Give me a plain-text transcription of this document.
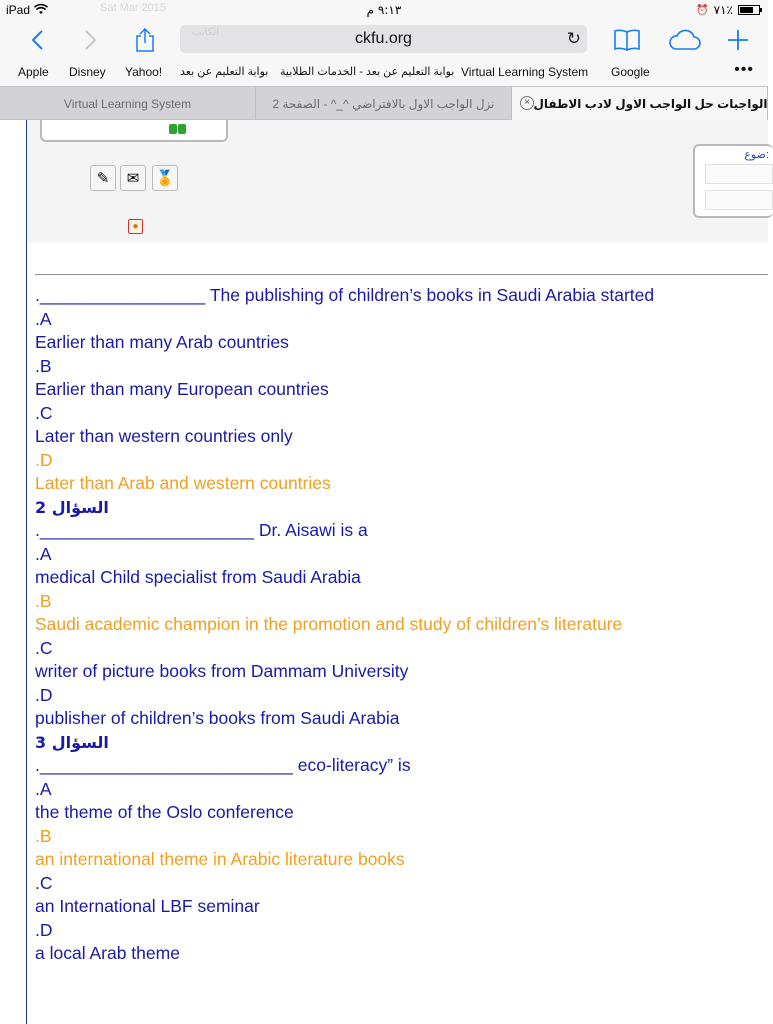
iPad	Sat Mar 2015	٩:١٣ م	⏰ ٧١٪
الكاتب	ckfu.org	↻
Apple Disney Yahoo! بوابة التعليم عن بعد بوابة التعليم عن بعد - الخدمات الطلابية Virtual Learning System Google	•••
Virtual Learning System	نزل الواجب الاول بالافتراضي ^_^ - الصفحة 2	× الواجبات حل الواجب الاول لادب الاطفال
✎	✉	🏅
●
ضوع:
._________________ The publishing of children’s books in Saudi Arabia started
.A
Earlier than many Arab countries
.B
Earlier than many European countries
.C
Later than western countries only
.D
Later than Arab and western countries
السؤال 2
.______________________ Dr. Aisawi is a
.A
medical Child specialist from Saudi Arabia
.B
Saudi academic champion in the promotion and study of children’s literature
.C
writer of picture books from Dammam University
.D
publisher of children’s books from Saudi Arabia
السؤال 3
.__________________________ eco-literacy” is
.A
the theme of the Oslo conference
.B
an international theme in Arabic literature books
.C
an International LBF seminar
.D
a local Arab theme
